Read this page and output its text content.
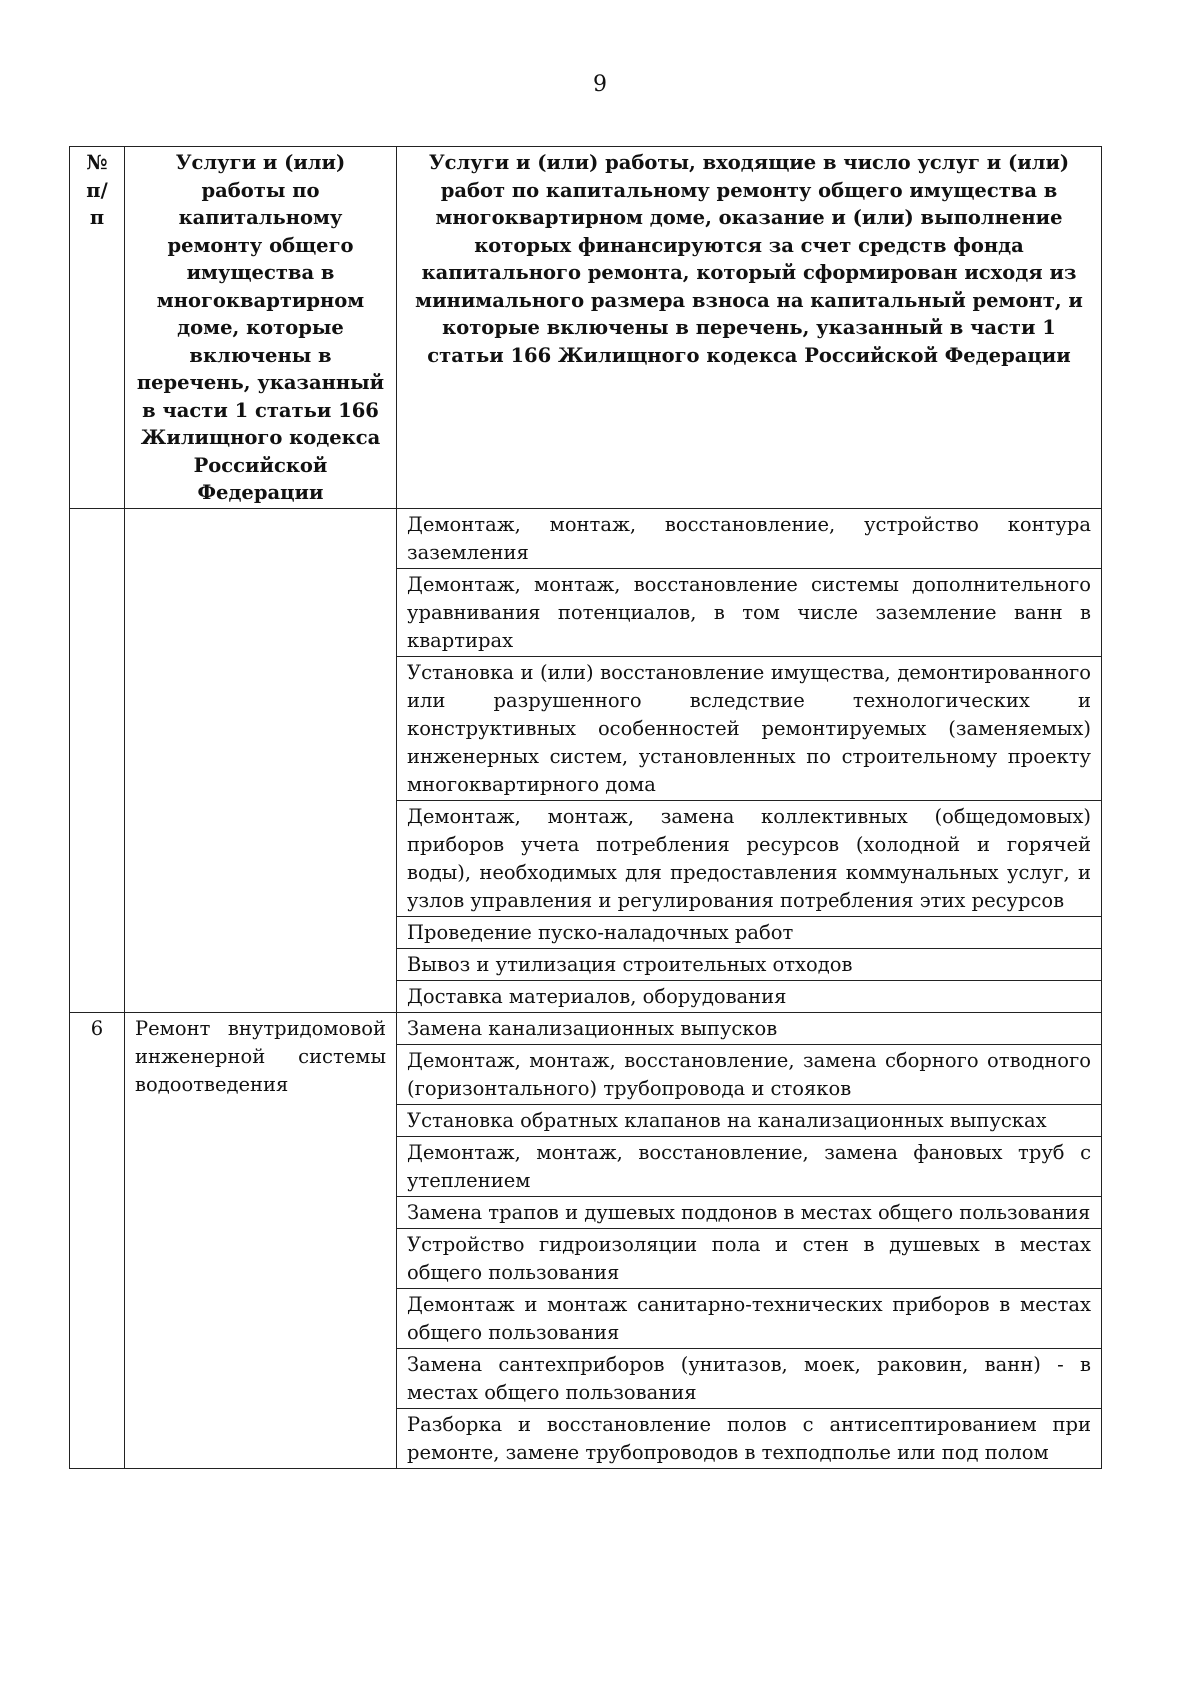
9
№ п/п	Услуги и (или) работы по капитальному ремонту общего имущества в многоквартирном доме, которые включены в перечень, указанный в части 1 статьи 166 Жилищного кодекса Российской Федерации	Услуги и (или) работы, входящие в число услуг и (или) работ по капитальному ремонту общего имущества в многоквартирном доме, оказание и (или) выполнение которых финансируются за счет средств фонда капитального ремонта, который сформирован исходя из минимального размера взноса на капитальный ремонт, и которые включены в перечень, указанный в части 1 статьи 166 Жилищного кодекса Российской Федерации
		Демонтаж, монтаж, восстановление, устройство контура заземления
		Демонтаж, монтаж, восстановление системы дополнительного уравнивания потенциалов, в том числе заземление ванн в квартирах
		Установка и (или) восстановление имущества, демонтированного или разрушенного вследствие технологических и конструктивных особенностей ремонтируемых (заменяемых) инженерных систем, установленных по строительному проекту многоквартирного дома
		Демонтаж, монтаж, замена коллективных (общедомовых) приборов учета потребления ресурсов (холодной и горячей воды), необходимых для предоставления коммунальных услуг, и узлов управления и регулирования потребления этих ресурсов
		Проведение пуско-наладочных работ
		Вывоз и утилизация строительных отходов
		Доставка материалов, оборудования
6	Ремонт внутридомовой инженерной системы водоотведения	Замена канализационных выпусков
		Демонтаж, монтаж, восстановление, замена сборного отводного (горизонтального) трубопровода и стояков
		Установка обратных клапанов на канализационных выпусках
		Демонтаж, монтаж, восстановление, замена фановых труб с утеплением
		Замена трапов и душевых поддонов в местах общего пользования
		Устройство гидроизоляции пола и стен в душевых в местах общего пользования
		Демонтаж и монтаж санитарно-технических приборов в местах общего пользования
		Замена сантехприборов (унитазов, моек, раковин, ванн) - в местах общего пользования
		Разборка и восстановление полов с антисептированием при ремонте, замене трубопроводов в техподполье или под полом
